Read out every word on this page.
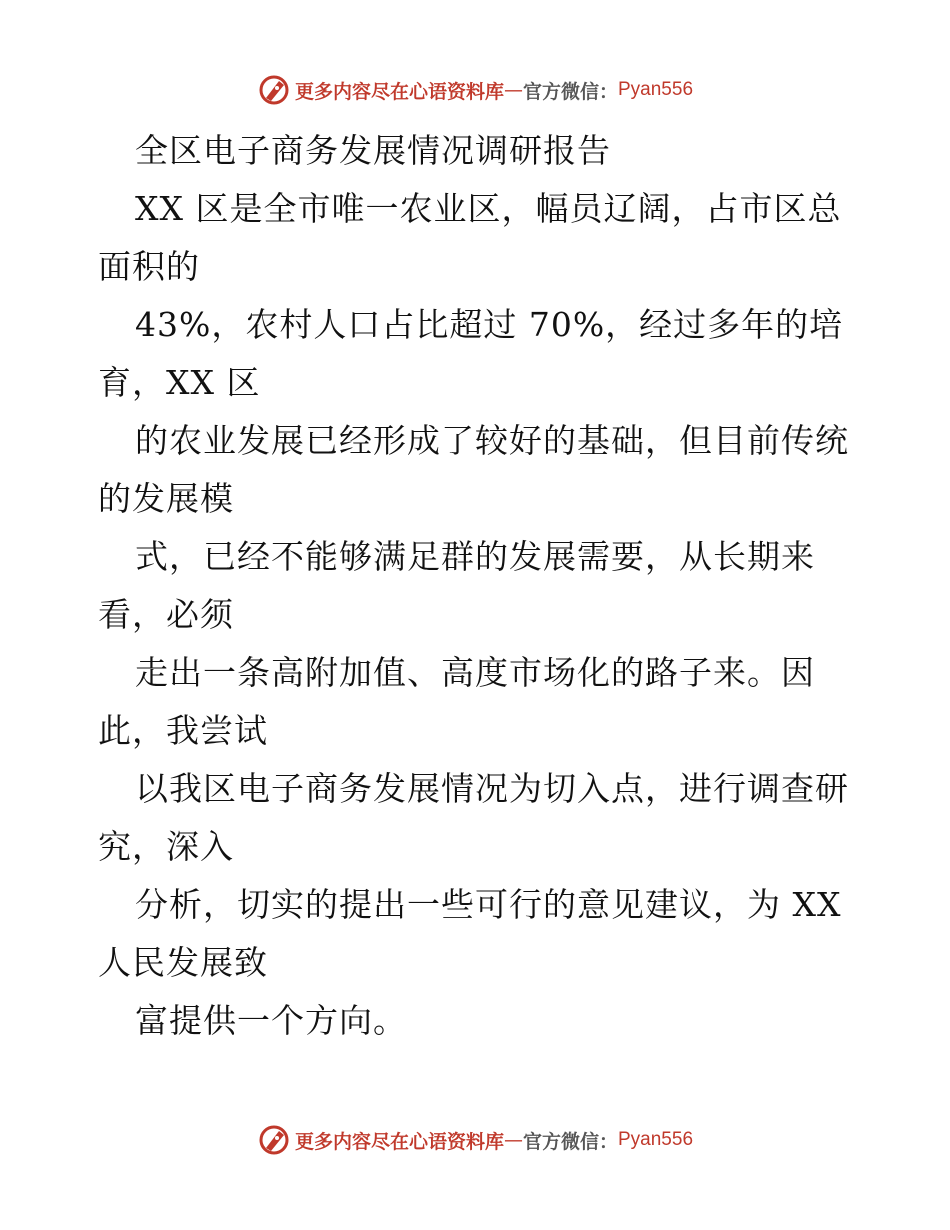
更多内容尽在心语资料库 — 官方微信： Pyan556
全区电子商务发展情况调研报告
XX 区是全市唯一农业区，幅员辽阔，占市区总
面积的
43%，农村人口占比超过 70%，经过多年的培
育，XX 区
的农业发展已经形成了较好的基础，但目前传统
的发展模
式，已经不能够满足群的发展需要，从长期来
看，必须
走出一条高附加值、高度市场化的路子来。因
此，我尝试
以我区电子商务发展情况为切入点，进行调查研
究，深入
分析，切实的提出一些可行的意见建议，为 XX
人民发展致
富提供一个方向。
更多内容尽在心语资料库 — 官方微信： Pyan556
